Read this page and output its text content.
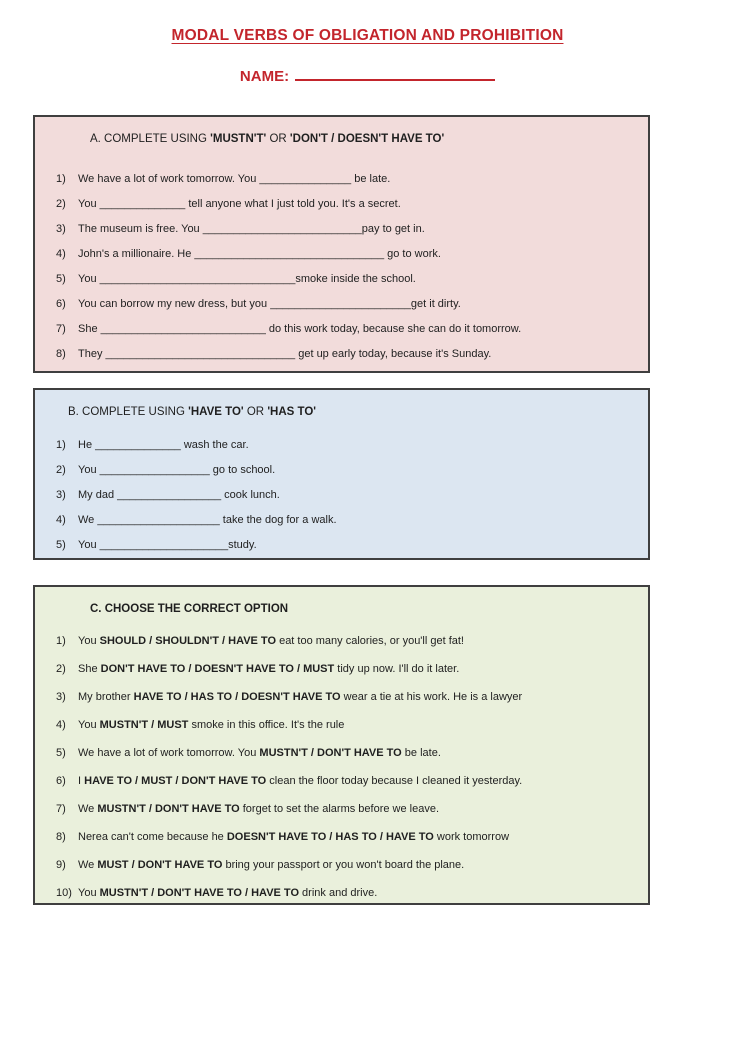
MODAL VERBS OF OBLIGATION AND PROHIBITION
NAME:
A. COMPLETE USING 'MUSTN'T' OR 'DON'T / DOESN'T HAVE TO'
1)	We have a lot of work tomorrow. You _______________ be late.
2)	You ______________ tell anyone what I just told you. It's a secret.
3)	The museum is free. You __________________________pay to get in.
4)	John's a millionaire. He _______________________________ go to work.
5)	You ________________________________smoke inside the school.
6)	You can borrow my new dress, but you _______________________get it dirty.
7)	She ___________________________ do this work today, because she can do it tomorrow.
8)	They _______________________________ get up early today, because it's Sunday.
B. COMPLETE USING 'HAVE TO' OR 'HAS TO'
1)	He ______________ wash the car.
2)	You __________________ go to school.
3)	My dad _________________ cook lunch.
4)	We ____________________ take the dog for a walk.
5)	You _____________________study.
C. CHOOSE THE CORRECT OPTION
1)	You SHOULD / SHOULDN'T / HAVE TO eat too many calories, or you'll get fat!
2)	She DON'T HAVE TO / DOESN'T HAVE TO / MUST tidy up now. I'll do it later.
3)	My brother HAVE TO / HAS TO / DOESN'T HAVE TO wear a tie at his work. He is a lawyer
4)	You MUSTN'T / MUST smoke in this office. It's the rule
5)	We have a lot of work tomorrow. You MUSTN'T / DON'T HAVE TO be late.
6)	I HAVE TO / MUST / DON'T HAVE TO clean the floor today because I cleaned it yesterday.
7)	We MUSTN'T / DON'T HAVE TO forget to set the alarms before we leave.
8)	Nerea can't come because he DOESN'T HAVE TO / HAS TO / HAVE TO work tomorrow
9)	We MUST / DON'T HAVE TO bring your passport or you won't board the plane.
10) You MUSTN'T / DON'T HAVE TO / HAVE TO drink and drive.
